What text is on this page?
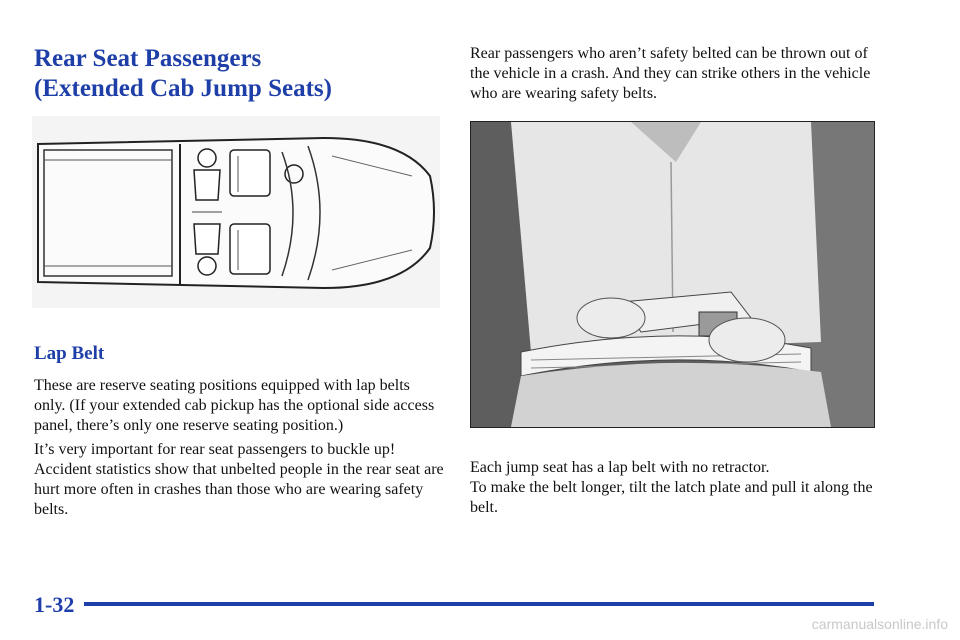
Rear Seat Passengers
(Extended Cab Jump Seats)
Lap Belt

These are reserve seating positions equipped with lap belts only. (If your extended cab pickup has the optional side access panel, there’s only one reserve seating position.)

It’s very important for rear seat passengers to buckle up! Accident statistics show that unbelted people in the rear seat are hurt more often in crashes than those who are wearing safety belts.

Rear passengers who aren’t safety belted can be thrown out of the vehicle in a crash. And they can strike others in the vehicle who are wearing safety belts.

Each jump seat has a lap belt with no retractor.
To make the belt longer, tilt the latch plate and pull it along the belt.

1-32

carmanualsonline.info
